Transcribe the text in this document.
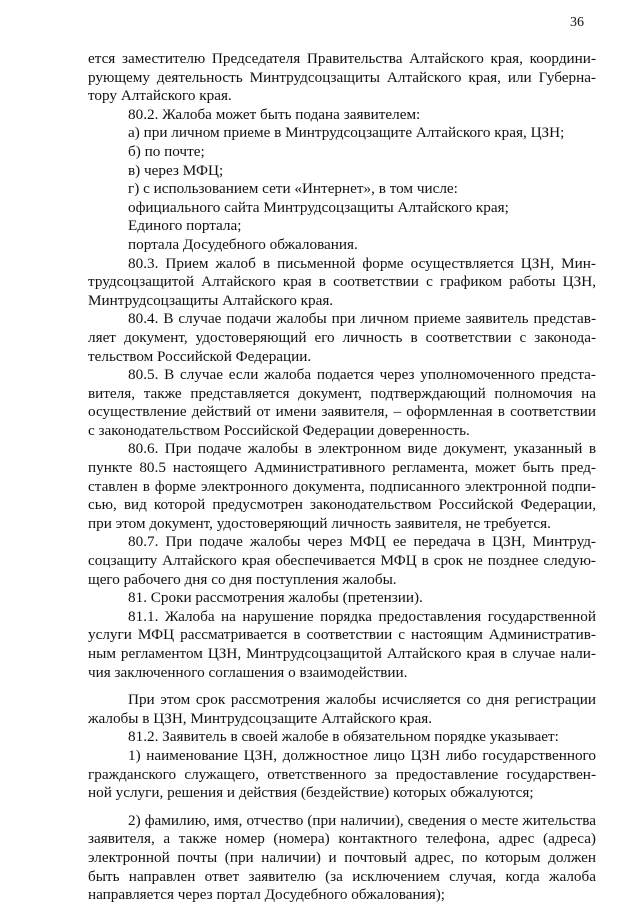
36
ется заместителю Председателя Правительства Алтайского края, координи-
рующему деятельность Минтрудсоцзащиты Алтайского края, или Губерна-
тору Алтайского края.
80.2. Жалоба может быть подана заявителем:
а) при личном приеме в Минтрудсоцзащите Алтайского края, ЦЗН;
б) по почте;
в) через МФЦ;
г) с использованием сети «Интернет», в том числе:
официального сайта Минтрудсоцзащиты Алтайского края;
Единого портала;
портала Досудебного обжалования.
80.3. Прием жалоб в письменной форме осуществляется ЦЗН, Мин-
трудсоцзащитой Алтайского края в соответствии с графиком работы ЦЗН,
Минтрудсоцзащиты Алтайского края.
80.4. В случае подачи жалобы при личном приеме заявитель представ-
ляет документ, удостоверяющий его личность в соответствии с законода-
тельством Российской Федерации.
80.5. В случае если жалоба подается через уполномоченного предста-
вителя, также представляется документ, подтверждающий полномочия на
осуществление действий от имени заявителя, – оформленная в соответствии
с законодательством Российской Федерации доверенность.
80.6. При подаче жалобы в электронном виде документ, указанный в
пункте 80.5 настоящего Административного регламента, может быть пред-
ставлен в форме электронного документа, подписанного электронной подпи-
сью, вид которой предусмотрен законодательством Российской Федерации,
при этом документ, удостоверяющий личность заявителя, не требуется.
80.7. При подаче жалобы через МФЦ ее передача в ЦЗН, Минтруд-
соцзащиту Алтайского края обеспечивается МФЦ в срок не позднее следую-
щего рабочего дня со дня поступления жалобы.
81. Сроки рассмотрения жалобы (претензии).
81.1. Жалоба на нарушение порядка предоставления государственной
услуги МФЦ рассматривается в соответствии с настоящим Административ-
ным регламентом ЦЗН, Минтрудсоцзащитой Алтайского края в случае нали-
чия заключенного соглашения о взаимодействии.
При этом срок рассмотрения жалобы исчисляется со дня регистрации
жалобы в ЦЗН, Минтрудсоцзащите Алтайского края.
81.2. Заявитель в своей жалобе в обязательном порядке указывает:
1) наименование ЦЗН, должностное лицо ЦЗН либо государственного
гражданского служащего, ответственного за предоставление государствен-
ной услуги, решения и действия (бездействие) которых обжалуются;
2) фамилию, имя, отчество (при наличии), сведения о месте жительства
заявителя, а также номер (номера) контактного телефона, адрес (адреса)
электронной почты (при наличии) и почтовый адрес, по которым должен
быть направлен ответ заявителю (за исключением случая, когда жалоба
направляется через портал Досудебного обжалования);	· ·
